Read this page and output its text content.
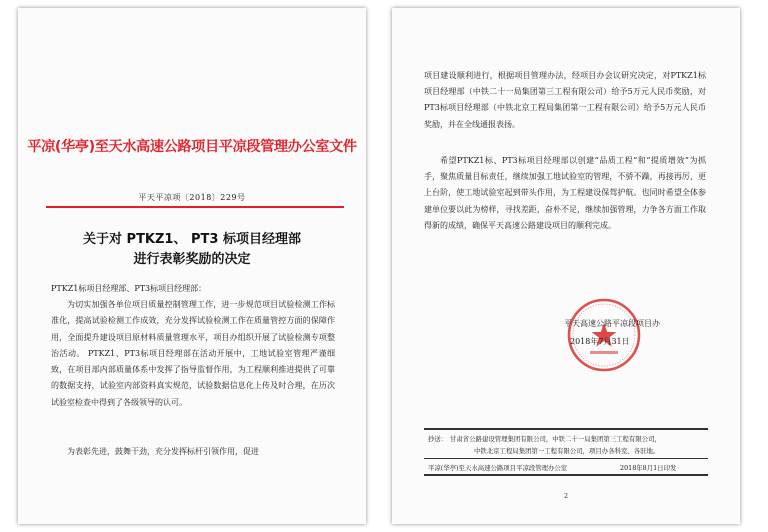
平凉(华亭)至天水高速公路项目平凉段管理办公室文件
平天平凉项〔2018〕229号
关于对 PTKZ1、 PT3 标项目经理部
进行表彰奖励的决定
PTKZ1标项目经理部、PT3标项目经理部：

为切实加强各单位项目质量控制管理工作，进一步规范项目试验检测工作标准化，提高试验检测工作成效，充分发挥试验检测工作在质量管控方面的保障作用，全面提升建设项目原材料质量管理水平，项目办组织开展了试验检测专项整治活动。 PTKZ1、PT3标项目经理部在活动开展中，工地试验室管理严谨细致，在项目部内部质量体系中发挥了指导监督作用，为工程顺利推进提供了可靠的数据支持，试验室内部资料真实规范，试验数据信息化上传及时合理，在历次试验室检查中得到了各级领导的认可。

为表彰先进，鼓舞干劲，充分发挥标杆引领作用，促进

项目建设顺利进行，根据项目管理办法，经项目办会议研究决定，对PTKZ1标项目经理部（中铁二十一局集团第三工程有限公司）给予5万元人民币奖励，对PT3标项目经理部（中铁北京工程局集团第一工程有限公司）给予5万元人民币奖励，并在全线通报表扬。

希望PTKZ1标、PT3标项目经理部以创建“品质工程”和“提质增效”为抓手，聚焦质量目标责任，继续加强工地试验室的管理，不骄不躁，再接再厉，更上台阶，使工地试验室起到带头作用，为工程建设保驾护航。也同时希望全体参建单位要以此为榜样，寻找差距，奋朴不足，继续加强管理，力争各方面工作取得新的成绩，确保平天高速公路建设项目的顺利完成。

平天高速公路平凉段项目办
2018年7月31日
抄送： 甘肃省公路建设管理集团有限公司，中铁二十一局集团第三工程有限公司，
中铁北京工程局集团第一工程有限公司，项目办各科室、各驻地。
平凉(华亭)至天水高速公路项目平凉段管理办公室	2018年8月1日印发
2
